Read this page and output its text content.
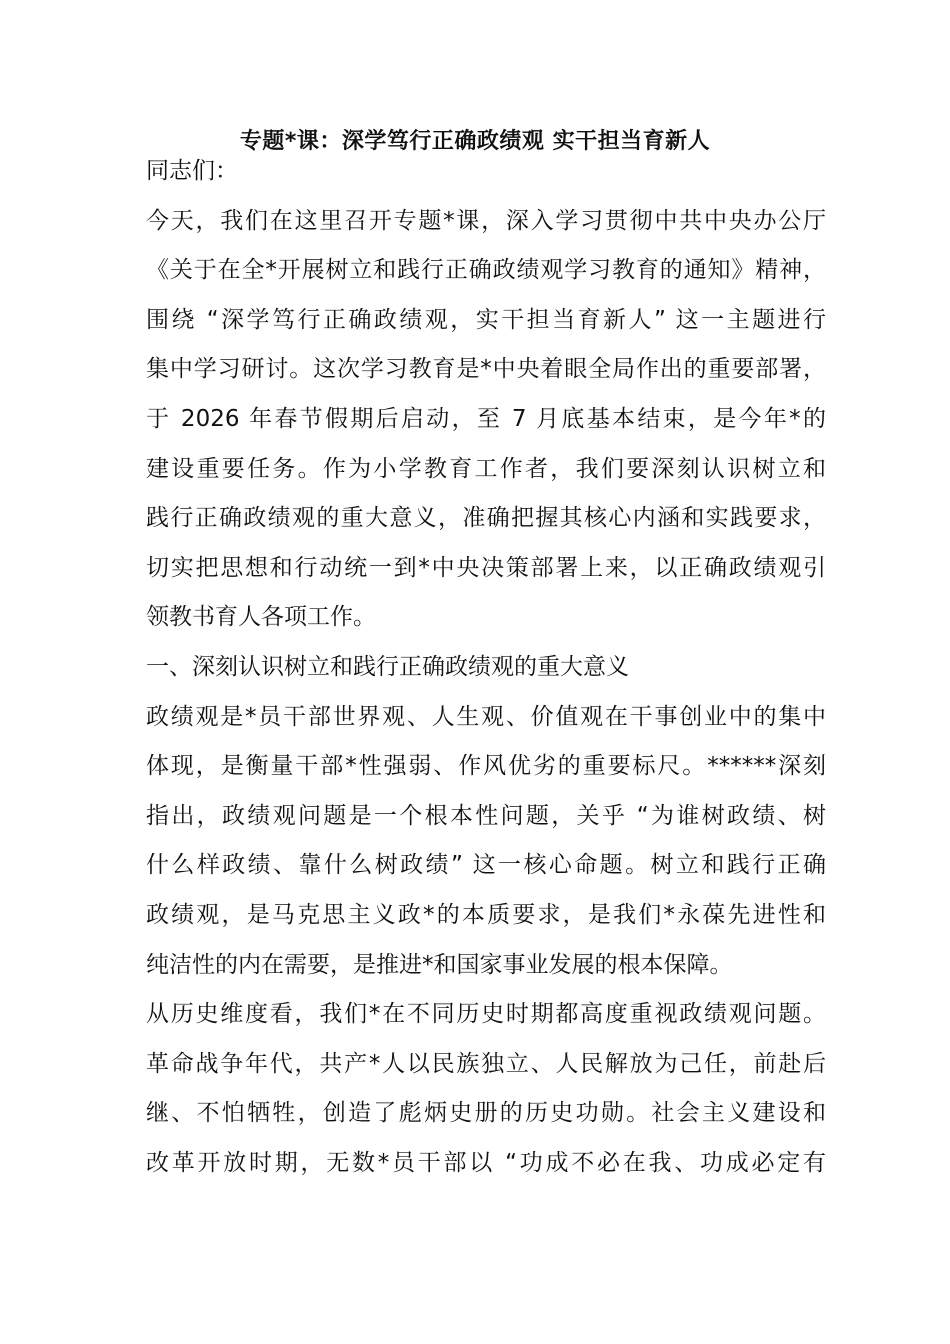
专题*课：深学笃行正确政绩观 实干担当育新人
同志们：
今天，我们在这里召开专题*课，深入学习贯彻中共中央办公厅
《关于在全*开展树立和践行正确政绩观学习教育的通知》精神，
围绕 “深学笃行正确政绩观，实干担当育新人” 这一主题进行
集中学习研讨。这次学习教育是*中央着眼全局作出的重要部署，
于 2026 年春节假期后启动，至 7 月底基本结束，是今年*的
建设重要任务。作为小学教育工作者，我们要深刻认识树立和
践行正确政绩观的重大意义，准确把握其核心内涵和实践要求，
切实把思想和行动统一到*中央决策部署上来，以正确政绩观引
领教书育人各项工作。
一、深刻认识树立和践行正确政绩观的重大意义
政绩观是*员干部世界观、人生观、价值观在干事创业中的集中
体现，是衡量干部*性强弱、作风优劣的重要标尺。******深刻
指出，政绩观问题是一个根本性问题，关乎 “为谁树政绩、树
什么样政绩、靠什么树政绩” 这一核心命题。树立和践行正确
政绩观，是马克思主义政*的本质要求，是我们*永葆先进性和
纯洁性的内在需要，是推进*和国家事业发展的根本保障。
从历史维度看，我们*在不同历史时期都高度重视政绩观问题。
革命战争年代，共产*人以民族独立、人民解放为己任，前赴后
继、不怕牺牲，创造了彪炳史册的历史功勋。社会主义建设和
改革开放时期，无数*员干部以 “功成不必在我、功成必定有
